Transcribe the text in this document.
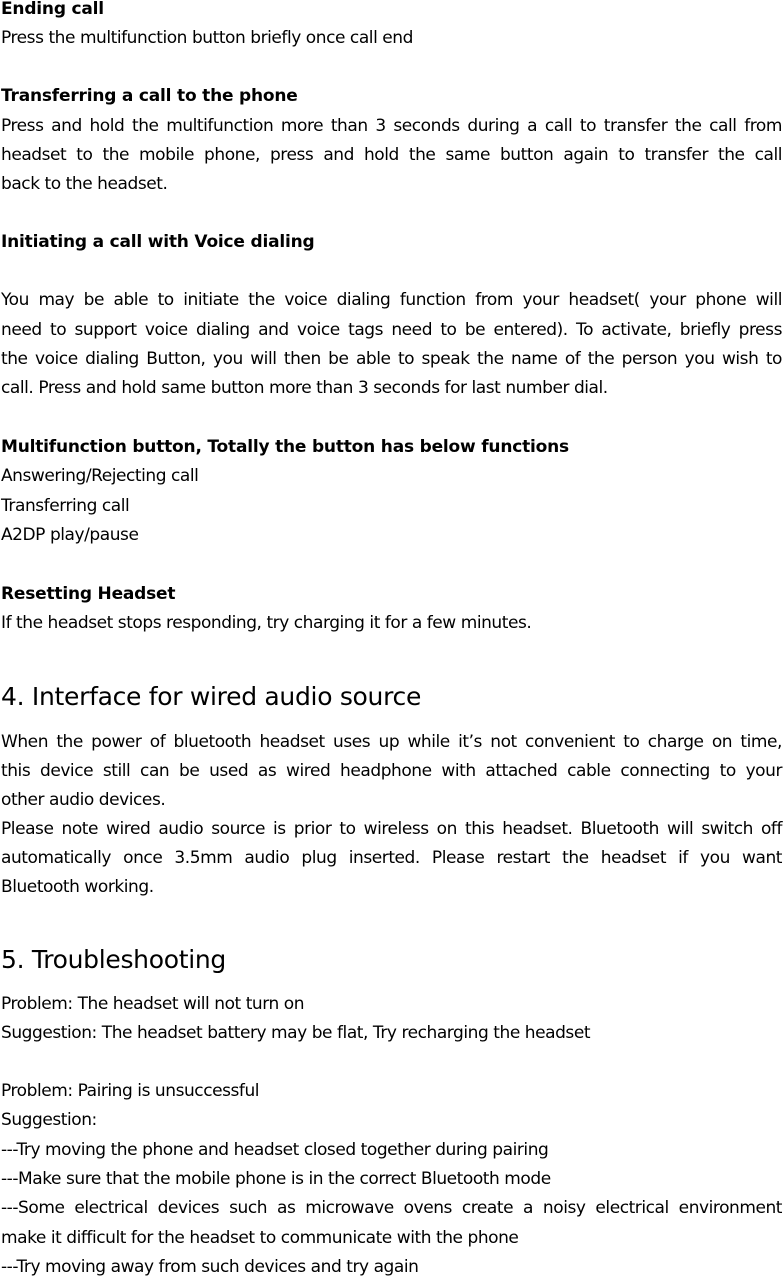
Ending call
Press the multifunction button briefly once call end
Transferring a call to the phone
Press and hold the multifunction more than 3 seconds during a call to transfer the call from
headset to the mobile phone, press and hold the same button again to transfer the call
back to the headset.
Initiating a call with Voice dialing
You may be able to initiate the voice dialing function from your headset( your phone will
need to support voice dialing and voice tags need to be entered). To activate, briefly press
the voice dialing Button, you will then be able to speak the name of the person you wish to
call. Press and hold same button more than 3 seconds for last number dial.
Multifunction button, Totally the button has below functions
Answering/Rejecting call
Transferring call
A2DP play/pause
Resetting Headset
If the headset stops responding, try charging it for a few minutes.
4. Interface for wired audio source
When the power of bluetooth headset uses up while it’s not convenient to charge on time,
this device still can be used as wired headphone with attached cable connecting to your
other audio devices.
Please note wired audio source is prior to wireless on this headset. Bluetooth will switch off
automatically once 3.5mm audio plug inserted. Please restart the headset if you want
Bluetooth working.
5. Troubleshooting
Problem: The headset will not turn on
Suggestion: The headset battery may be flat, Try recharging the headset
Problem: Pairing is unsuccessful
Suggestion:
---Try moving the phone and headset closed together during pairing
---Make sure that the mobile phone is in the correct Bluetooth mode
---Some electrical devices such as microwave ovens create a noisy electrical environment
make it difficult for the headset to communicate with the phone
---Try moving away from such devices and try again
